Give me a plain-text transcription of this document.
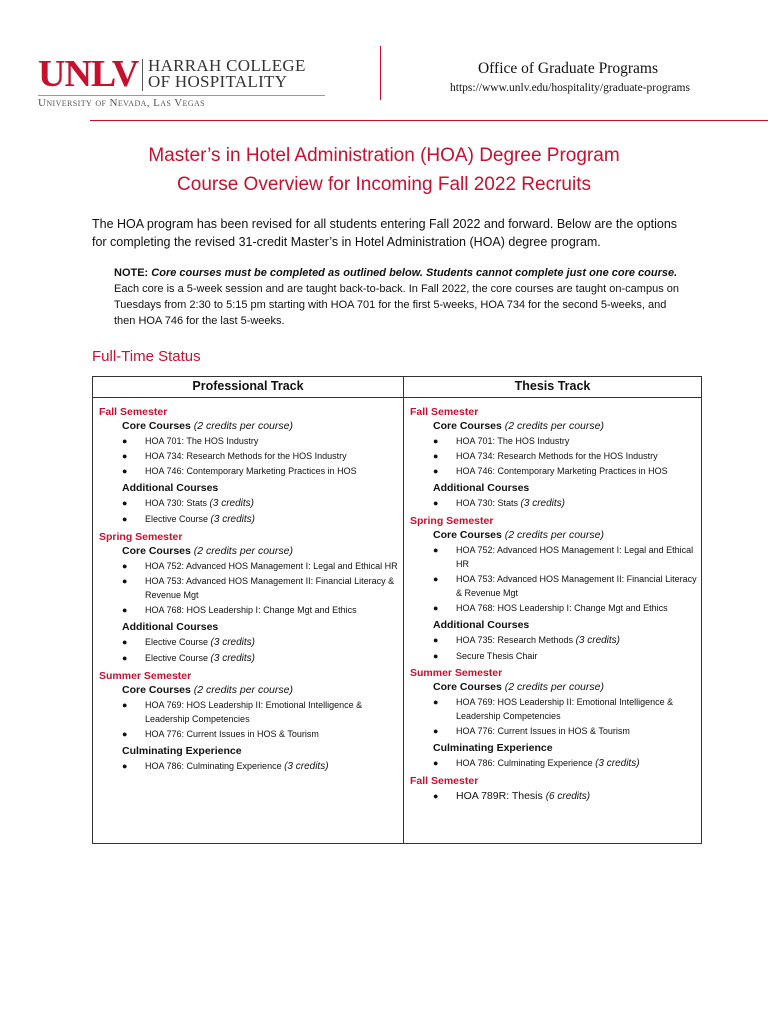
UNLV HARRAH COLLEGE
OF HOSPITALITY
University of Nevada, Las Vegas
Office of Graduate Programs
https://www.unlv.edu/hospitality/graduate-programs
Master’s in Hotel Administration (HOA) Degree Program
Course Overview for Incoming Fall 2022 Recruits
The HOA program has been revised for all students entering Fall 2022 and forward. Below are the options for completing the revised 31-credit Master’s in Hotel Administration (HOA) degree program.
NOTE: Core courses must be completed as outlined below. Students cannot complete just one core course. Each core is a 5-week session and are taught back-to-back. In Fall 2022, the core courses are taught on-campus on Tuesdays from 2:30 to 5:15 pm starting with HOA 701 for the first 5-weeks, HOA 734 for the second 5-weeks, and then HOA 746 for the last 5-weeks.
Full-Time Status
Professional Track	Thesis Track
Fall Semester
Core Courses (2 credits per course)
● HOA 701: The HOS Industry
● HOA 734: Research Methods for the HOS Industry
● HOA 746: Contemporary Marketing Practices in HOS
Additional Courses
● HOA 730: Stats (3 credits)
● Elective Course (3 credits)
Spring Semester
Core Courses (2 credits per course)
● HOA 752: Advanced HOS Management I: Legal and Ethical HR
● HOA 753: Advanced HOS Management II: Financial Literacy & Revenue Mgt
● HOA 768: HOS Leadership I: Change Mgt and Ethics
Additional Courses
● Elective Course (3 credits)
● Elective Course (3 credits)
Summer Semester
Core Courses (2 credits per course)
● HOA 769: HOS Leadership II: Emotional Intelligence & Leadership Competencies
● HOA 776: Current Issues in HOS & Tourism
Culminating Experience
● HOA 786: Culminating Experience (3 credits)
Fall Semester
Core Courses (2 credits per course)
● HOA 701: The HOS Industry
● HOA 734: Research Methods for the HOS Industry
● HOA 746: Contemporary Marketing Practices in HOS
Additional Courses
● HOA 730: Stats (3 credits)
Spring Semester
Core Courses (2 credits per course)
● HOA 752: Advanced HOS Management I: Legal and Ethical HR
● HOA 753: Advanced HOS Management II: Financial Literacy & Revenue Mgt
● HOA 768: HOS Leadership I: Change Mgt and Ethics
Additional Courses
● HOA 735: Research Methods (3 credits)
● Secure Thesis Chair
Summer Semester
Core Courses (2 credits per course)
● HOA 769: HOS Leadership II: Emotional Intelligence & Leadership Competencies
● HOA 776: Current Issues in HOS & Tourism
Culminating Experience
● HOA 786: Culminating Experience (3 credits)
Fall Semester
● HOA 789R: Thesis (6 credits)
